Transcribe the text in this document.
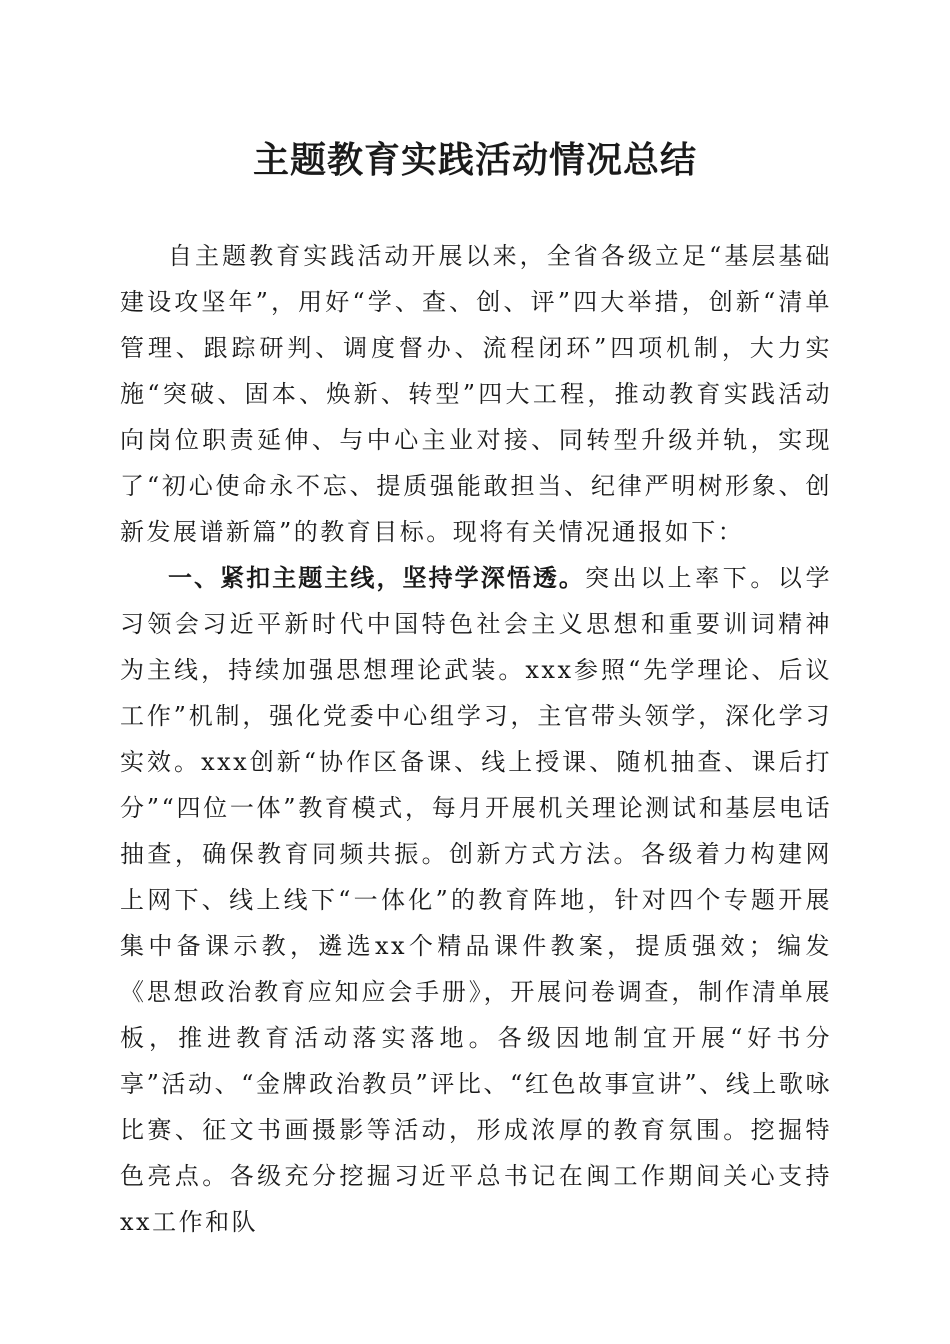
主题教育实践活动情况总结

自主题教育实践活动开展以来，全省各级立足“基层基础建设攻坚年”，用好“学、查、创、评”四大举措，创新“清单管理、跟踪研判、调度督办、流程闭环”四项机制，大力实施“突破、固本、焕新、转型”四大工程，推动教育实践活动向岗位职责延伸、与中心主业对接、同转型升级并轨，实现了“初心使命永不忘、提质强能敢担当、纪律严明树形象、创新发展谱新篇”的教育目标。现将有关情况通报如下：

一、紧扣主题主线，坚持学深悟透。突出以上率下。以学习领会习近平新时代中国特色社会主义思想和重要训词精神为主线，持续加强思想理论武装。xxx参照“先学理论、后议工作”机制，强化党委中心组学习，主官带头领学，深化学习实效。xxx创新“协作区备课、线上授课、随机抽查、课后打分”“四位一体”教育模式，每月开展机关理论测试和基层电话抽查，确保教育同频共振。创新方式方法。各级着力构建网上网下、线上线下“一体化”的教育阵地，针对四个专题开展集中备课示教，遴选xx个精品课件教案，提质强效；编发《思想政治教育应知应会手册》，开展问卷调查，制作清单展板，推进教育活动落实落地。各级因地制宜开展“好书分享”活动、“金牌政治教员”评比、“红色故事宣讲”、线上歌咏比赛、征文书画摄影等活动，形成浓厚的教育氛围。挖掘特色亮点。各级充分挖掘习近平总书记在闽工作期间关心支持xx工作和队
